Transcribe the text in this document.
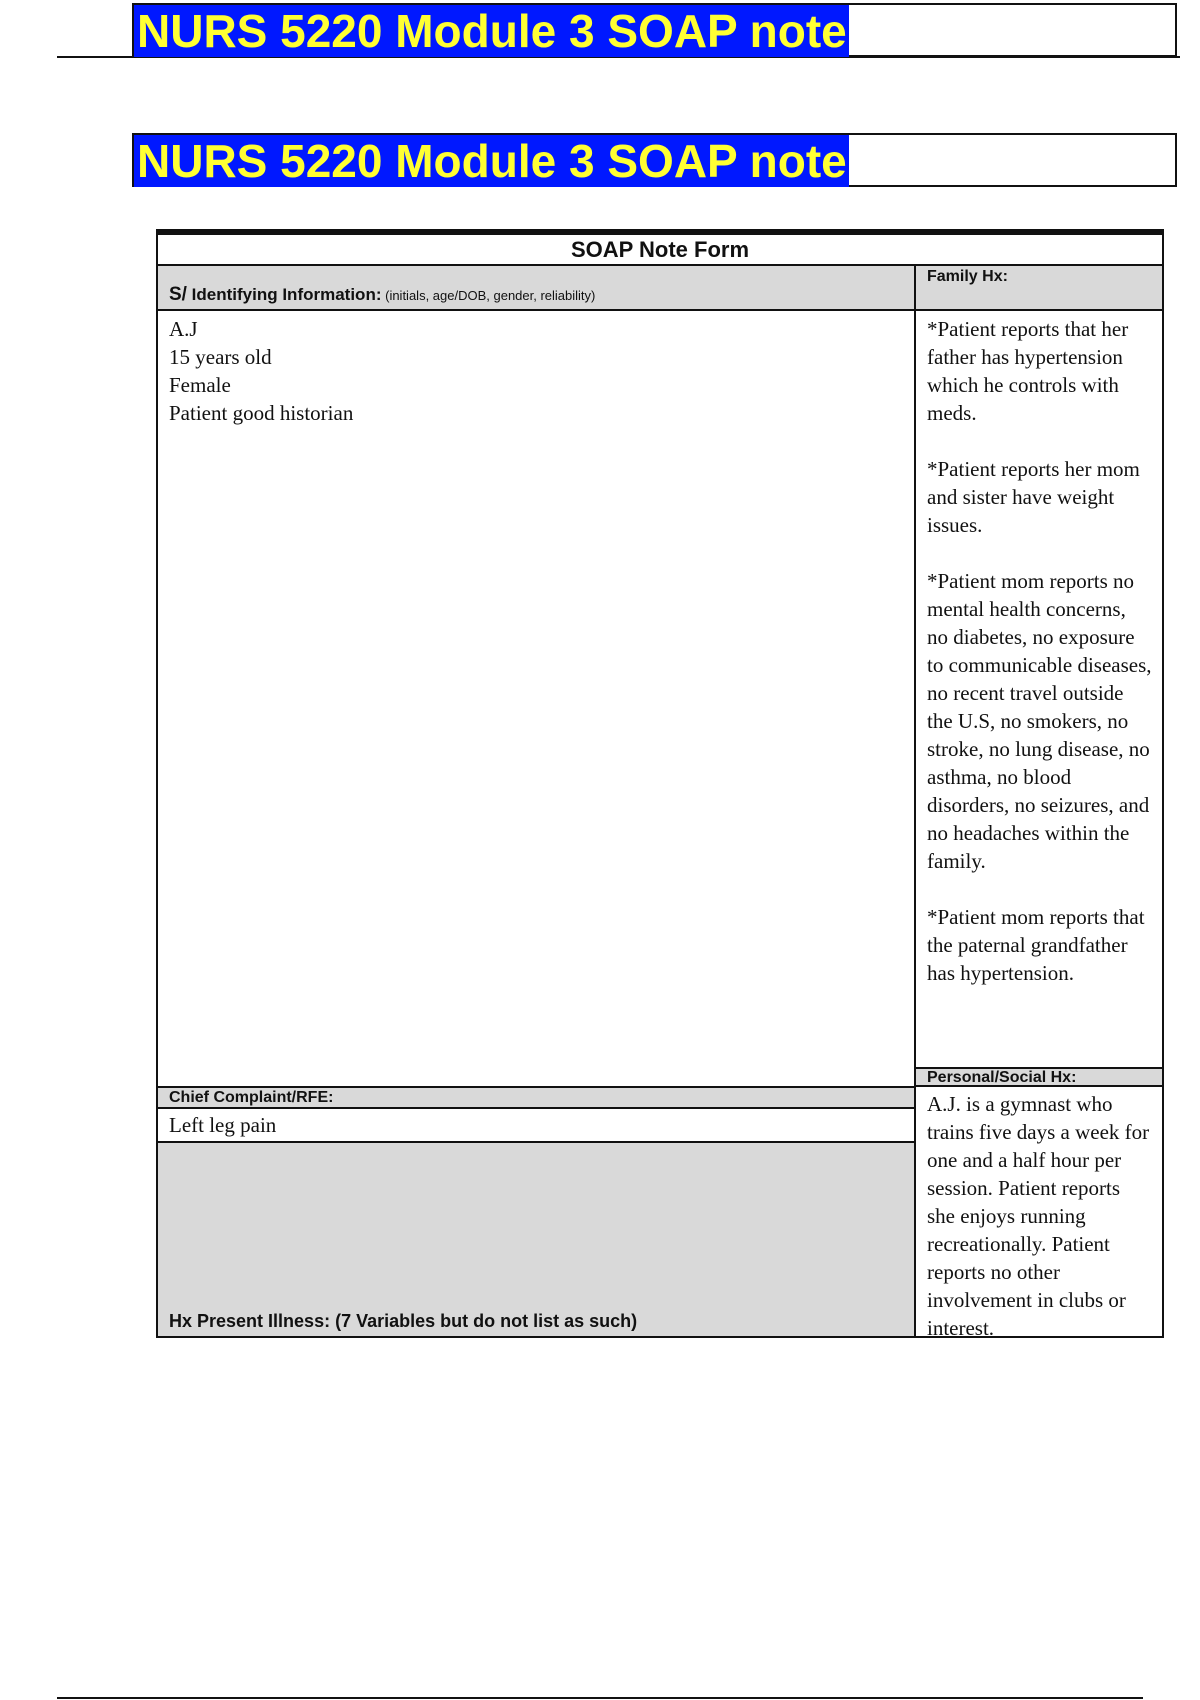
NURS 5220 Module 3 SOAP note
NURS 5220 Module 3 SOAP note
SOAP Note Form
S/ Identifying Information: (initials, age/DOB, gender, reliability)
Family Hx:
A.J
15 years old
Female
Patient good historian

*Patient reports that her father has hypertension which he controls with meds.

*Patient reports her mom and sister have weight issues.

*Patient mom reports no mental health concerns, no diabetes, no exposure to communicable diseases, no recent travel outside the U.S, no smokers, no stroke, no lung disease, no asthma, no blood disorders, no seizures, and no headaches within the family.

*Patient mom reports that the paternal grandfather has hypertension.

Personal/Social Hx:
A.J. is a gymnast who trains five days a week for one and a half hour per session. Patient reports she enjoys running recreationally. Patient reports no other involvement in clubs or interest.
Chief Complaint/RFE:
Left leg pain
Hx Present Illness: (7 Variables but do not list as such)
